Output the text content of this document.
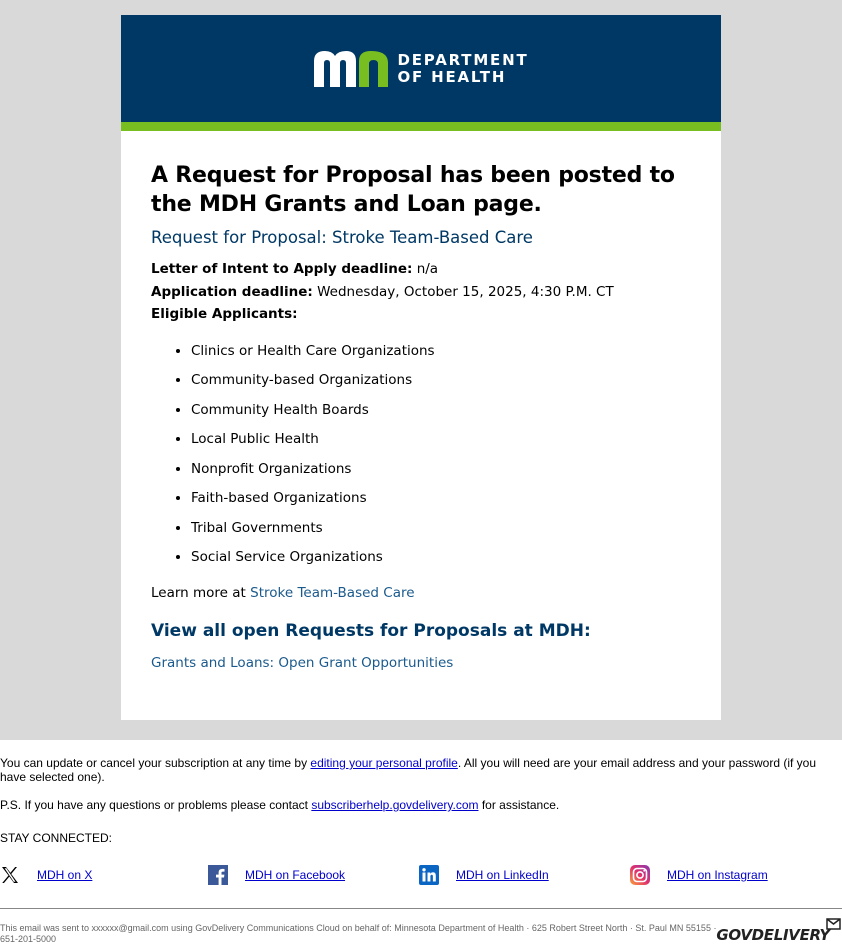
DEPARTMENT
OF HEALTH
A Request for Proposal has been posted to the MDH Grants and Loan page.
Request for Proposal: Stroke Team-Based Care
Letter of Intent to Apply deadline: n/a
Application deadline: Wednesday, October 15, 2025, 4:30 P.M. CT
Eligible Applicants:
• Clinics or Health Care Organizations
• Community-based Organizations
• Community Health Boards
• Local Public Health
• Nonprofit Organizations
• Faith-based Organizations
• Tribal Governments
• Social Service Organizations
Learn more at Stroke Team-Based Care
View all open Requests for Proposals at MDH:
Grants and Loans: Open Grant Opportunities

You can update or cancel your subscription at any time by editing your personal profile. All you will need are your email address and your password (if you have selected one).

P.S. If you have any questions or problems please contact subscriberhelp.govdelivery.com for assistance.

STAY CONNECTED:

MDH on X	MDH on Facebook	MDH on LinkedIn	MDH on Instagram
This email was sent to xxxxxx@gmail.com using GovDelivery Communications Cloud on behalf of: Minnesota Department of Health · 625 Robert Street North · St. Paul MN 55155 · 651-201-5000	GOVDELIVERY
